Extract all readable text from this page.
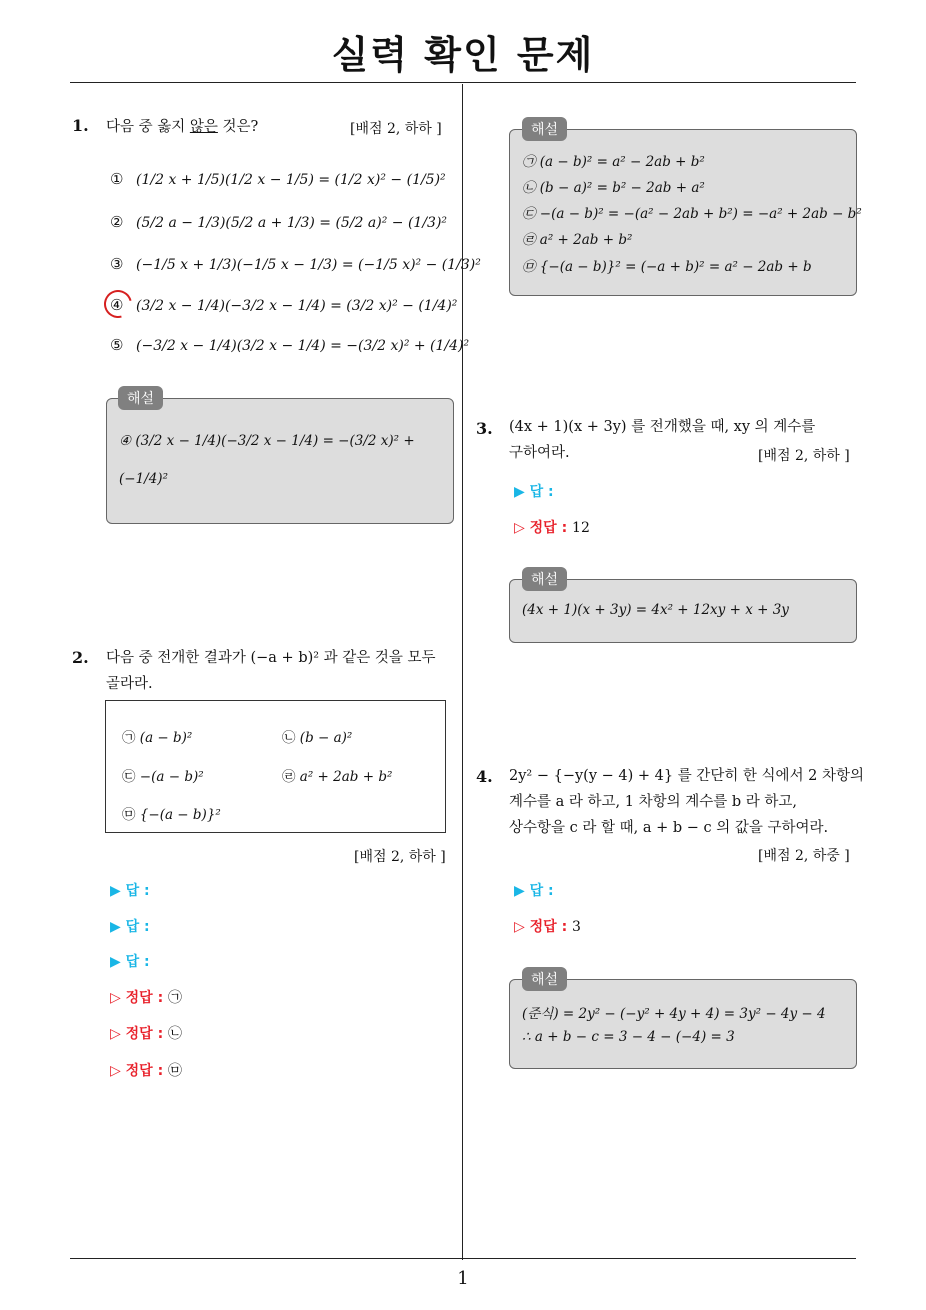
실력 확인 문제
1
1. 다음 중 옳지 않은 것은?	[배점 2, 하하 ]
① (1/2 x + 1/5)(1/2 x − 1/5) = (1/2 x)² − (1/5)²
② (5/2 a − 1/3)(5/2 a + 1/3) = (5/2 a)² − (1/3)²
③ (−1/5 x + 1/3)(−1/5 x − 1/3) = (−1/5 x)² − (1/3)²
④ (3/2 x − 1/4)(−3/2 x − 1/4) = (3/2 x)² − (1/4)²
⑤ (−3/2 x − 1/4)(3/2 x − 1/4) = −(3/2 x)² + (1/4)²
④ (3/2 x − 1/4)(−3/2 x − 1/4) = −(3/2 x)² +
(−1/4)²
해설
2. 다음 중 전개한 결과가 (−a + b)² 과 같은 것을 모두
골라라.
㉠ (a − b)²	㉡ (b − a)²
㉢ −(a − b)²	㉣ a² + 2ab + b²
㉤ {−(a − b)}²
[배점 2, 하하 ]
▶ 답 :
▶ 답 :
▶ 답 :
▷ 정답 : ㉠
▷ 정답 : ㉡
▷ 정답 : ㉤
㉠ (a − b)² = a² − 2ab + b²
㉡ (b − a)² = b² − 2ab + a²
㉢ −(a − b)² = −(a² − 2ab + b²) = −a² + 2ab − b²
㉣ a² + 2ab + b²
㉤ {−(a − b)}² = (−a + b)² = a² − 2ab + b
해설
3. (4x + 1)(x + 3y) 를 전개했을 때, xy 의 계수를
구하여라.	[배점 2, 하하 ]
▶ 답 :
▷ 정답 : 12
(4x + 1)(x + 3y) = 4x² + 12xy + x + 3y
해설
4. 2y² − {−y(y − 4) + 4} 를 간단히 한 식에서 2 차항의
계수를 a 라 하고, 1 차항의 계수를 b 라 하고,
상수항을 c 라 할 때, a + b − c 의 값을 구하여라.
[배점 2, 하중 ]
▶ 답 :
▷ 정답 : 3
(준식) = 2y² − (−y² + 4y + 4) = 3y² − 4y − 4
∴ a + b − c = 3 − 4 − (−4) = 3
해설
